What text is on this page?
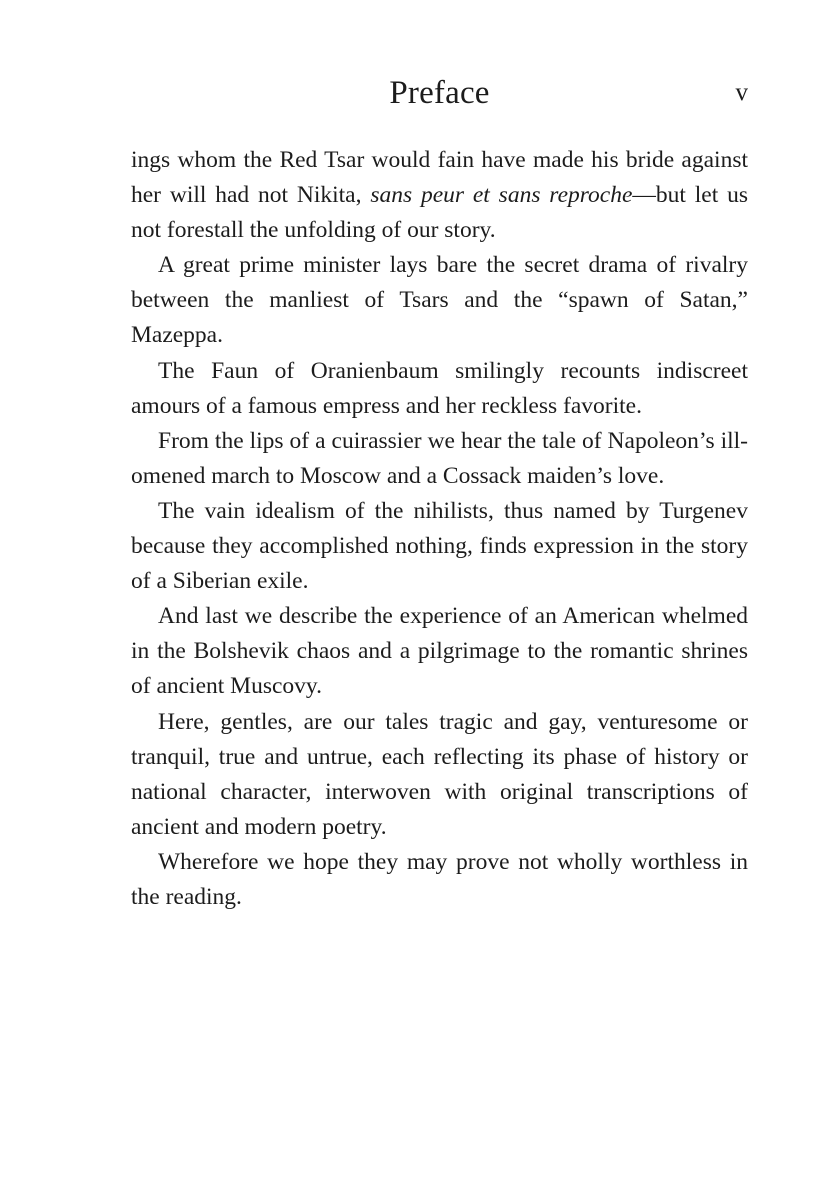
Preface	v

ings whom the Red Tsar would fain have made his bride against her will had not Nikita, sans peur et sans reproche—but let us not forestall the unfolding of our story.

A great prime minister lays bare the secret drama of rivalry between the manliest of Tsars and the “spawn of Satan,” Mazeppa.

The Faun of Oranienbaum smilingly recounts indiscreet amours of a famous empress and her reckless favorite.

From the lips of a cuirassier we hear the tale of Napoleon’s ill-omened march to Moscow and a Cossack maiden’s love.

The vain idealism of the nihilists, thus named by Turgenev because they accomplished nothing, finds expression in the story of a Siberian exile.

And last we describe the experience of an American whelmed in the Bolshevik chaos and a pilgrimage to the romantic shrines of ancient Muscovy.

Here, gentles, are our tales tragic and gay, venturesome or tranquil, true and untrue, each reflecting its phase of history or national character, interwoven with original transcriptions of ancient and modern poetry.

Wherefore we hope they may prove not wholly worthless in the reading.
